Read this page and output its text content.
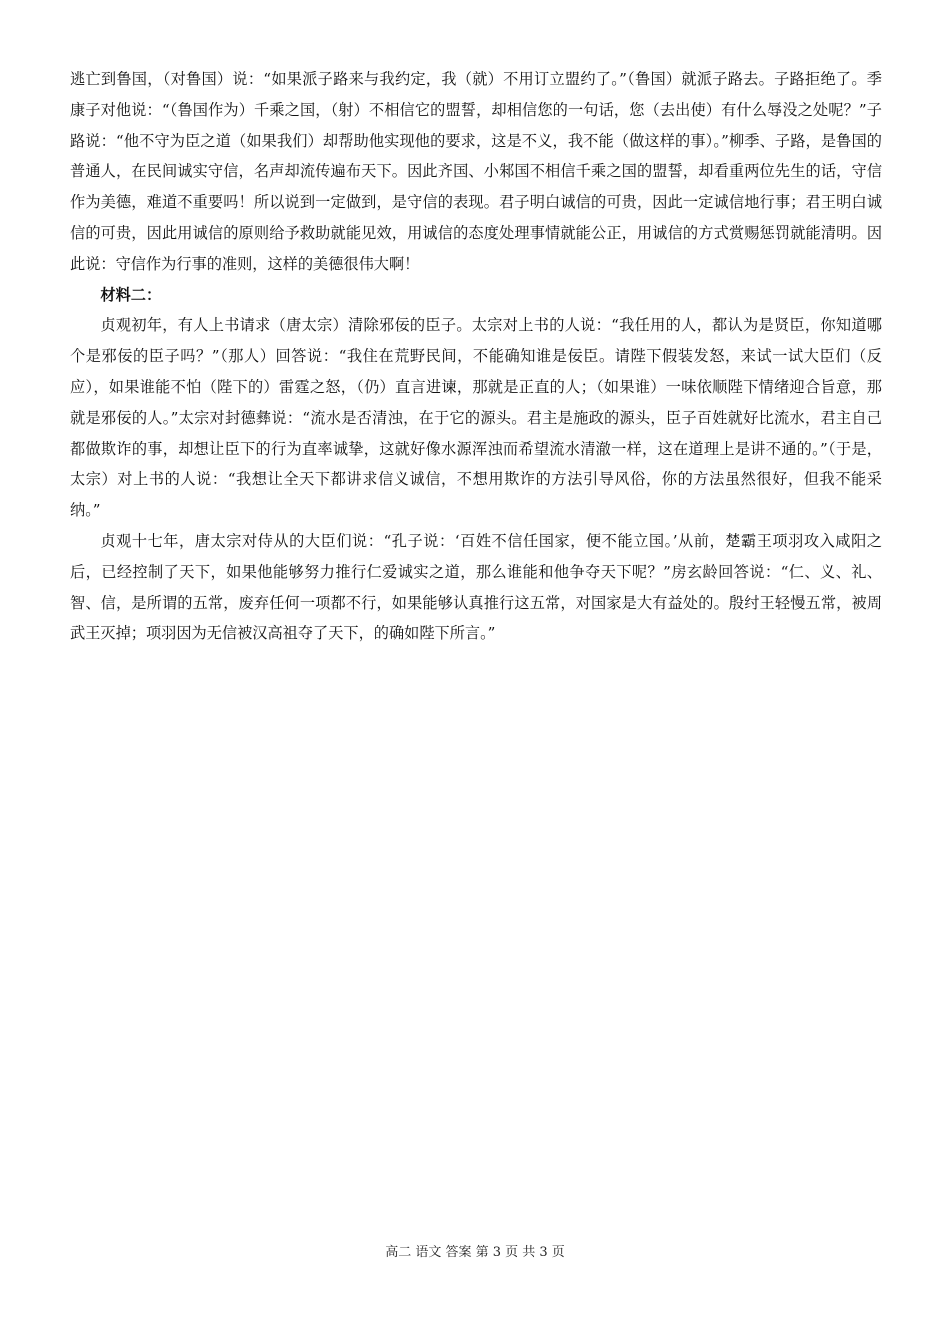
逃亡到鲁国，（对鲁国）说：“如果派子路来与我约定，我（就）不用订立盟约了。”（鲁国）就派子路去。子路拒绝了。季康子对他说：“（鲁国作为）千乘之国，（射）不相信它的盟誓，却相信您的一句话，您（去出使）有什么辱没之处呢？”子路说：“他不守为臣之道（如果我们）却帮助他实现他的要求，这是不义，我不能（做这样的事）。”柳季、子路，是鲁国的普通人，在民间诚实守信，名声却流传遍布天下。因此齐国、小邾国不相信千乘之国的盟誓，却看重两位先生的话，守信作为美德，难道不重要吗！所以说到一定做到，是守信的表现。君子明白诚信的可贵，因此一定诚信地行事；君王明白诚信的可贵，因此用诚信的原则给予救助就能见效，用诚信的态度处理事情就能公正，用诚信的方式赏赐惩罚就能清明。因此说：守信作为行事的准则，这样的美德很伟大啊！

材料二：

贞观初年，有人上书请求（唐太宗）清除邪佞的臣子。太宗对上书的人说：“我任用的人，都认为是贤臣，你知道哪个是邪佞的臣子吗？”（那人）回答说：“我住在荒野民间，不能确知谁是佞臣。请陛下假装发怒，来试一试大臣们（反应），如果谁能不怕（陛下的）雷霆之怒，（仍）直言进谏，那就是正直的人；（如果谁）一味依顺陛下情绪迎合旨意，那就是邪佞的人。”太宗对封德彝说：“流水是否清浊，在于它的源头。君主是施政的源头，臣子百姓就好比流水，君主自己都做欺诈的事，却想让臣下的行为直率诚挚，这就好像水源浑浊而希望流水清澈一样，这在道理上是讲不通的。”（于是，太宗）对上书的人说：“我想让全天下都讲求信义诚信，不想用欺诈的方法引导风俗，你的方法虽然很好，但我不能采纳。”

贞观十七年，唐太宗对侍从的大臣们说：“孔子说：‘百姓不信任国家，便不能立国。’从前，楚霸王项羽攻入咸阳之后，已经控制了天下，如果他能够努力推行仁爱诚实之道，那么谁能和他争夺天下呢？”房玄龄回答说：“仁、义、礼、智、信，是所谓的五常，废弃任何一项都不行，如果能够认真推行这五常，对国家是大有益处的。殷纣王轻慢五常，被周武王灭掉；项羽因为无信被汉高祖夺了天下，的确如陛下所言。”

高二 语文 答案 第 3 页 共 3 页
